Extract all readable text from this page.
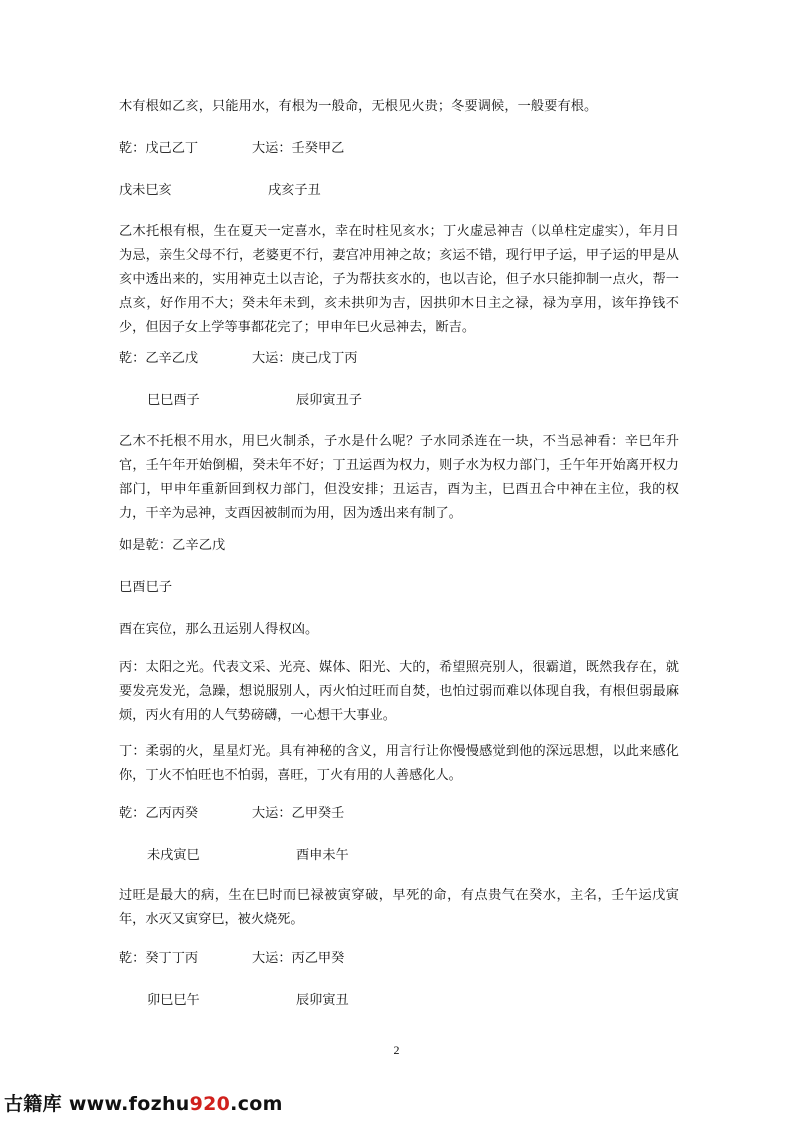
木有根如乙亥，只能用水，有根为一般命，无根见火贵；冬要调候，一般要有根。
乾：戊己乙丁	大运：壬癸甲乙
戊未巳亥	戌亥子丑
乙木托根有根，生在夏天一定喜水，幸在时柱见亥水；丁火虚忌神吉（以单柱定虚实），年月日为忌，亲生父母不行，老婆更不行，妻宫冲用神之故；亥运不错，现行甲子运，甲子运的甲是从亥中透出来的，实用神克土以吉论，子为帮扶亥水的，也以吉论，但子水只能抑制一点火，帮一点亥，好作用不大；癸未年未到，亥未拱卯为吉，因拱卯木日主之禄，禄为享用，该年挣钱不少，但因子女上学等事都花完了；甲申年巳火忌神去，断吉。
乾：乙辛乙戊	大运：庚己戊丁丙
巳巳酉子	辰卯寅丑子
乙木不托根不用水，用巳火制杀，子水是什么呢？子水同杀连在一块，不当忌神看：辛巳年升官，壬午年开始倒楣，癸未年不好；丁丑运酉为权力，则子水为权力部门，壬午年开始离开权力部门，甲申年重新回到权力部门，但没安排；丑运吉，酉为主，巳酉丑合中神在主位，我的权力，干辛为忌神，支酉因被制而为用，因为透出来有制了。
如是乾：乙辛乙戊
巳酉巳子
酉在宾位，那么丑运别人得权凶。
丙：太阳之光。代表文采、光亮、媒体、阳光、大的，希望照亮别人，很霸道，既然我存在，就要发亮发光，急躁，想说服别人，丙火怕过旺而自焚，也怕过弱而难以体现自我，有根但弱最麻烦，丙火有用的人气势磅礴，一心想干大事业。
丁：柔弱的火，星星灯光。具有神秘的含义，用言行让你慢慢感觉到他的深远思想，以此来感化你，丁火不怕旺也不怕弱，喜旺，丁火有用的人善感化人。
乾：乙丙丙癸	大运：乙甲癸壬
未戌寅巳	酉申未午
过旺是最大的病，生在巳时而巳禄被寅穿破，早死的命，有点贵气在癸水，主名，壬午运戊寅年，水灭又寅穿巳，被火烧死。
乾：癸丁丁丙	大运：丙乙甲癸
卯巳巳午	辰卯寅丑
2
古籍库 www.fozhu920.com
